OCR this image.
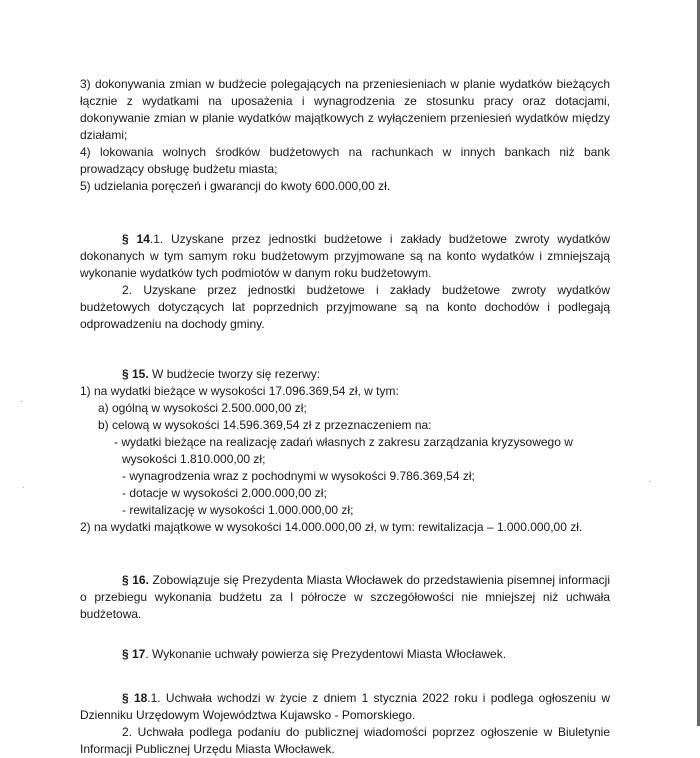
·
·
·

3) dokonywania zmian w budżecie polegających na przeniesieniach w planie wydatków bieżących łącznie z wydatkami na uposażenia i wynagrodzenia ze stosunku pracy oraz dotacjami, dokonywanie zmian w planie wydatków majątkowych z wyłączeniem przeniesień wydatków między działami;

4) lokowania wolnych środków budżetowych na rachunkach w innych bankach niż bank prowadzący obsługę budżetu miasta;

5) udzielania poręczeń i gwarancji do kwoty 600.000,00 zł.

§ 14.1. Uzyskane przez jednostki budżetowe i zakłady budżetowe zwroty wydatków dokonanych w tym samym roku budżetowym przyjmowane są na konto wydatków i zmniejszają wykonanie wydatków tych podmiotów w danym roku budżetowym.

2. Uzyskane przez jednostki budżetowe i zakłady budżetowe zwroty wydatków budżetowych dotyczących lat poprzednich przyjmowane są na konto dochodów i podlegają odprowadzeniu na dochody gminy.

§ 15. W budżecie tworzy się rezerwy:

1) na wydatki bieżące w wysokości 17.096.369,54 zł, w tym:

a) ogólną w wysokości 2.500.000,00 zł;

b) celową w wysokości 14.596.369,54 zł z przeznaczeniem na:

- wydatki bieżące na realizację zadań własnych z zakresu zarządzania kryzysowego w wysokości 1.810.000,00 zł;

- wynagrodzenia wraz z pochodnymi w wysokości 9.786.369,54 zł;

- dotacje w wysokości 2.000.000,00 zł;

- rewitalizację w wysokości 1.000.000,00 zł;

2) na wydatki majątkowe w wysokości 14.000.000,00 zł, w tym: rewitalizacja – 1.000.000,00 zł.

§ 16. Zobowiązuje się Prezydenta Miasta Włocławek do przedstawienia pisemnej informacji o przebiegu wykonania budżetu za I półrocze w szczegółowości nie mniejszej niż uchwała budżetowa.

§ 17. Wykonanie uchwały powierza się Prezydentowi Miasta Włocławek.

§ 18.1. Uchwała wchodzi w życie z dniem 1 stycznia 2022 roku i podlega ogłoszeniu w Dzienniku Urzędowym Województwa Kujawsko - Pomorskiego.

2. Uchwała podlega podaniu do publicznej wiadomości poprzez ogłoszenie w Biuletynie Informacji Publicznej Urzędu Miasta Włocławek.
